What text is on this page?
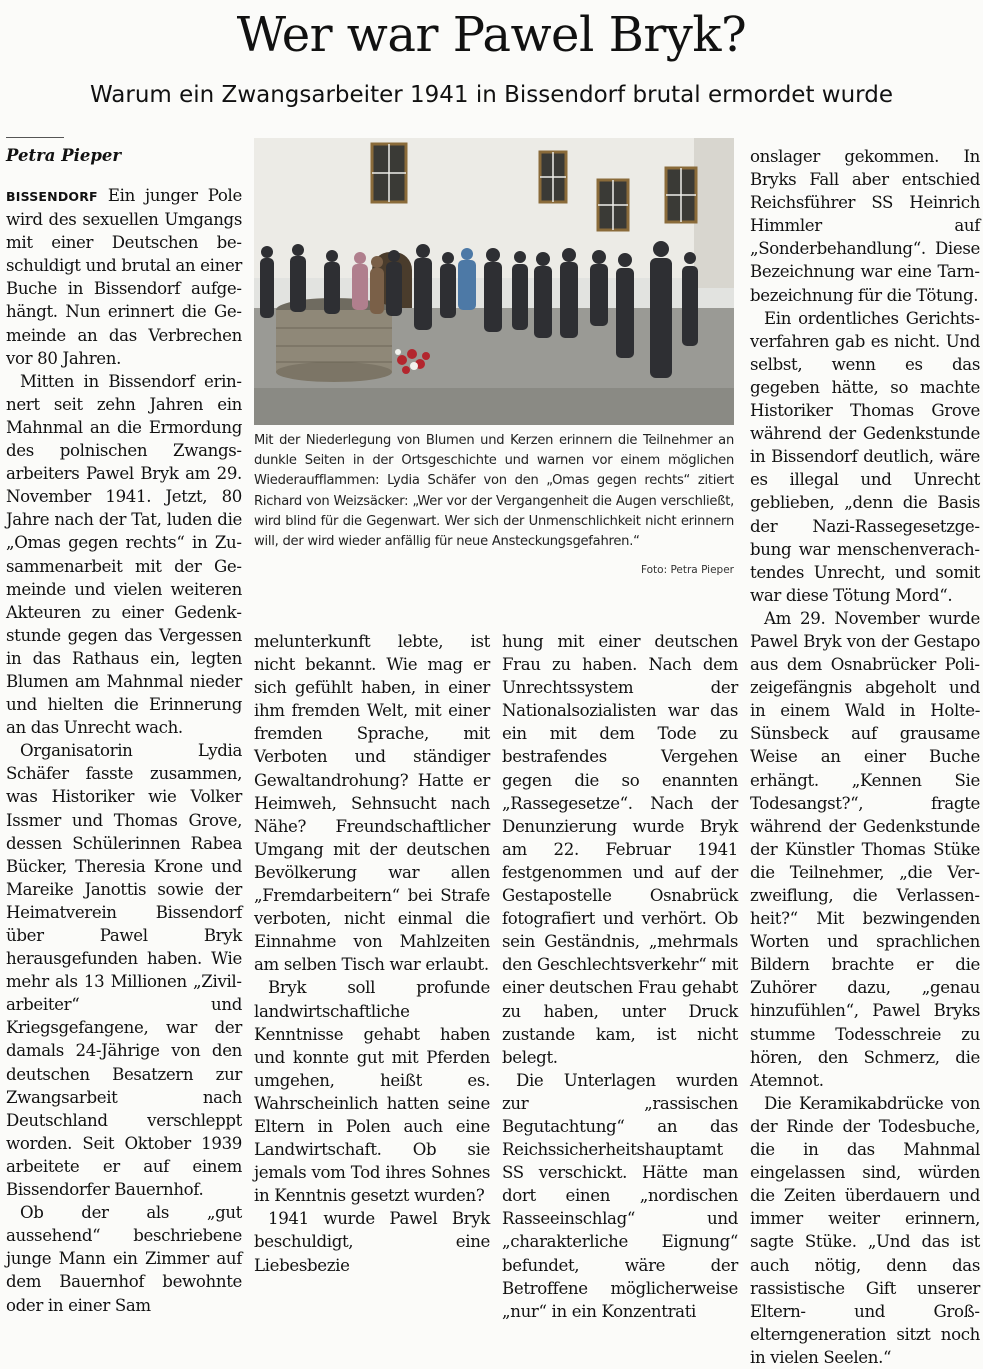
Wer war Pawel Bryk?
Warum ein Zwangsarbeiter 1941 in Bissendorf brutal ermordet wurde
Petra Pieper

BISSENDORF Ein junger Pole wird des sexuellen Umgangs mit einer Deutschen beschuldigt und brutal an einer Buche in Bissendorf aufgehängt. Nun erinnert die Gemeinde an das Verbrechen vor 80 Jahren.

Mitten in Bissendorf erinnert seit zehn Jahren ein Mahnmal an die Ermordung des polnischen Zwangsarbeiters Pawel Bryk am 29. November 1941. Jetzt, 80 Jahre nach der Tat, luden die „Omas gegen rechts“ in Zusammenarbeit mit der Gemeinde und vielen weiteren Akteuren zu einer Gedenkstunde gegen das Vergessen in das Rathaus ein, legten Blumen am Mahnmal nieder und hielten die Erinnerung an das Unrecht wach.

Organisatorin Lydia Schäfer fasste zusammen, was Historiker wie Volker Issmer und Thomas Grove, dessen Schülerinnen Rabea Bücker, Theresia Krone und Mareike Janottis sowie der Heimatverein Bissendorf über Pawel Bryk herausgefunden haben. Wie mehr als 13 Millionen „Zivilarbeiter“ und Kriegsgefangene, war der damals 24-Jährige von den deutschen Besatzern zur Zwangsarbeit nach Deutschland verschleppt worden. Seit Oktober 1939 arbeitete er auf einem Bissendorfer Bauernhof.

Ob der als „gut aussehend“ beschriebene junge Mann ein Zimmer auf dem Bauernhof bewohnte oder in einer Sam

Mit der Niederlegung von Blumen und Kerzen erinnern die Teilnehmer an dunkle Seiten in der Ortsgeschichte und warnen vor einem möglichen Wiederaufflammen: Lydia Schäfer von den „Omas gegen rechts“ zitiert Richard von Weizsäcker: „Wer vor der Vergangenheit die Augen verschließt, wird blind für die Gegenwart. Wer sich der Unmenschlichkeit nicht erinnern will, der wird wieder anfällig für neue Ansteckungsgefahren.“
Foto: Petra Pieper

melunterkunft lebte, ist nicht bekannt. Wie mag er sich gefühlt haben, in einer ihm fremden Welt, mit einer fremden Sprache, mit Verboten und ständiger Gewaltandrohung? Hatte er Heimweh, Sehnsucht nach Nähe? Freundschaftlicher Umgang mit der deutschen Bevölkerung war allen „Fremdarbeitern“ bei Strafe verboten, nicht einmal die Einnahme von Mahlzeiten am selben Tisch war erlaubt.

Bryk soll profunde landwirtschaftliche Kenntnisse gehabt haben und konnte gut mit Pferden umgehen, heißt es. Wahrscheinlich hatten seine Eltern in Polen auch eine Landwirtschaft. Ob sie jemals vom Tod ihres Sohnes in Kenntnis gesetzt wurden?

1941 wurde Pawel Bryk beschuldigt, eine Liebesbezie

hung mit einer deutschen Frau zu haben. Nach dem Unrechtssystem der Nationalsozialisten war das ein mit dem Tode zu bestrafendes Vergehen gegen die so enannten „Rassegesetze“. Nach der Denunzierung wurde Bryk am 22. Februar 1941 festgenommen und auf der Gestapostelle Osnabrück fotografiert und verhört. Ob sein Geständnis, „mehrmals den Geschlechtsverkehr“ mit einer deutschen Frau gehabt zu haben, unter Druck zustande kam, ist nicht belegt.

Die Unterlagen wurden zur „rassischen Begutachtung“ an das Reichssicherheitshauptamt SS verschickt. Hätte man dort einen „nordischen Rasseeinschlag“ und „charakterliche Eignung“ befundet, wäre der Betroffene möglicherweise „nur“ in ein Konzentrati

onslager gekommen. In Bryks Fall aber entschied Reichsführer SS Heinrich Himmler auf „Sonderbehandlung“. Diese Bezeichnung war eine Tarnbezeichnung für die Tötung.

Ein ordentliches Gerichtsverfahren gab es nicht. Und selbst, wenn es das gegeben hätte, so machte Historiker Thomas Grove während der Gedenkstunde in Bissendorf deutlich, wäre es illegal und Unrecht geblieben, „denn die Basis der Nazi-Rassegesetzgebung war menschenverachtendes Unrecht, und somit war diese Tötung Mord“.

Am 29. November wurde Pawel Bryk von der Gestapo aus dem Osnabrücker Polizeigefängnis abgeholt und in einem Wald in Holte-Sünsbeck auf grausame Weise an einer Buche erhängt. „Kennen Sie Todesangst?“, fragte während der Gedenkstunde der Künstler Thomas Stüke die Teilnehmer, „die Verzweiflung, die Verlassenheit?“ Mit bezwingenden Worten und sprachlichen Bildern brachte er die Zuhörer dazu, „genau hinzufühlen“, Pawel Bryks stumme Todesschreie zu hören, den Schmerz, die Atemnot.

Die Keramikabdrücke von der Rinde der Todesbuche, die in das Mahnmal eingelassen sind, würden die Zeiten überdauern und immer weiter erinnern, sagte Stüke. „Und das ist auch nötig, denn das rassistische Gift unserer Eltern- und Großelterngeneration sitzt noch in vielen Seelen.“
